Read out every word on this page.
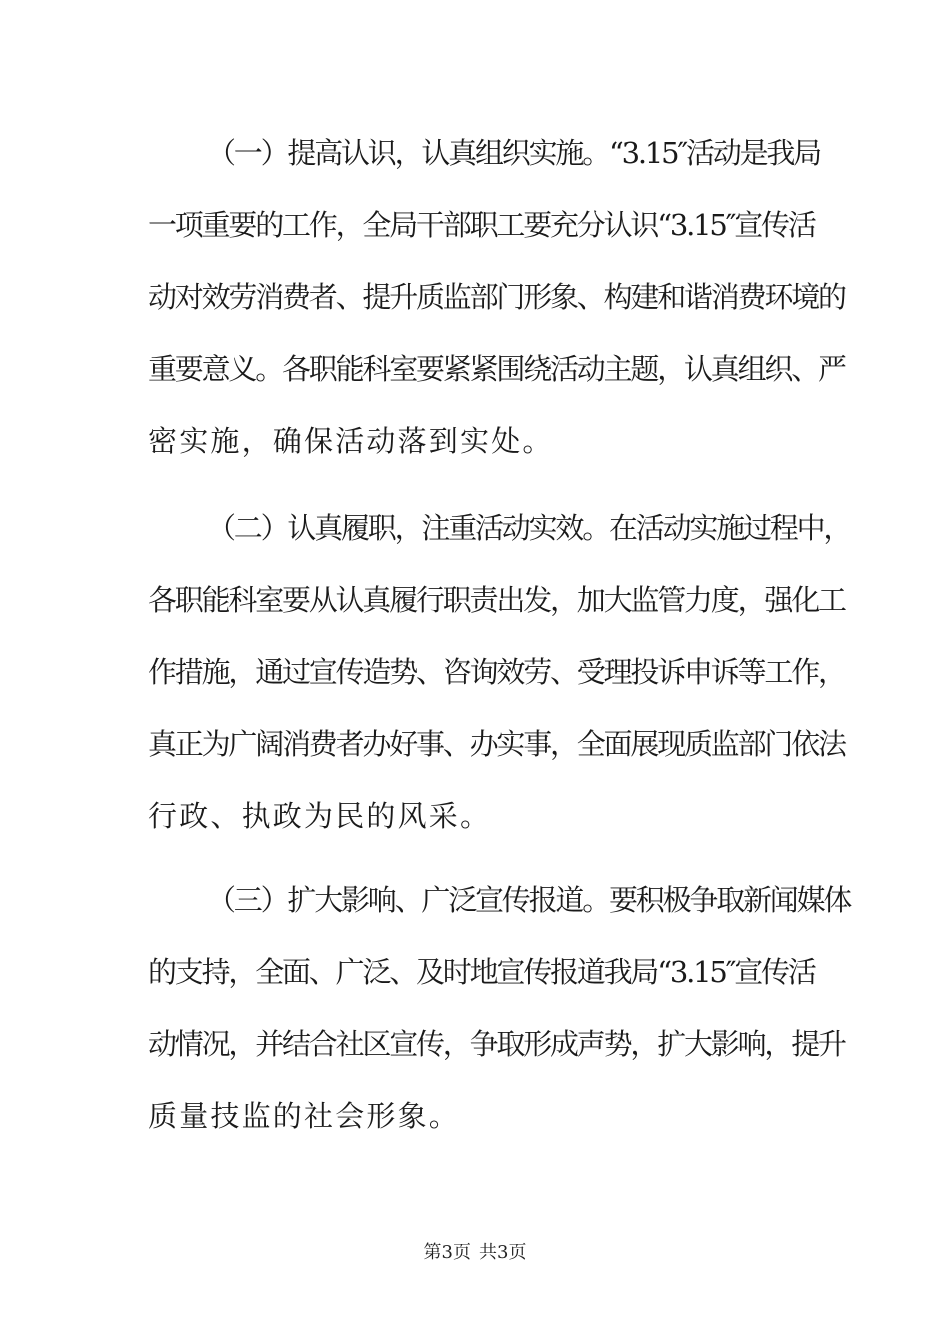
（一）提高认识，认真组织实施。“3.15″活动是我局
一项重要的工作，全局干部职工要充分认识“3.15″宣传活
动对效劳消费者、提升质监部门形象、构建和谐消费环境的
重要意义。各职能科室要紧紧围绕活动主题，认真组织、严
密实施，确保活动落到实处。
（二）认真履职，注重活动实效。在活动实施过程中，
各职能科室要从认真履行职责出发，加大监管力度，强化工
作措施，通过宣传造势、咨询效劳、受理投诉申诉等工作，
真正为广阔消费者办好事、办实事，全面展现质监部门依法
行政、执政为民的风采。
（三）扩大影响、广泛宣传报道。要积极争取新闻媒体
的支持，全面、广泛、及时地宣传报道我局“3.15″宣传活
动情况，并结合社区宣传，争取形成声势，扩大影响，提升
质量技监的社会形象。
第3页 共3页
